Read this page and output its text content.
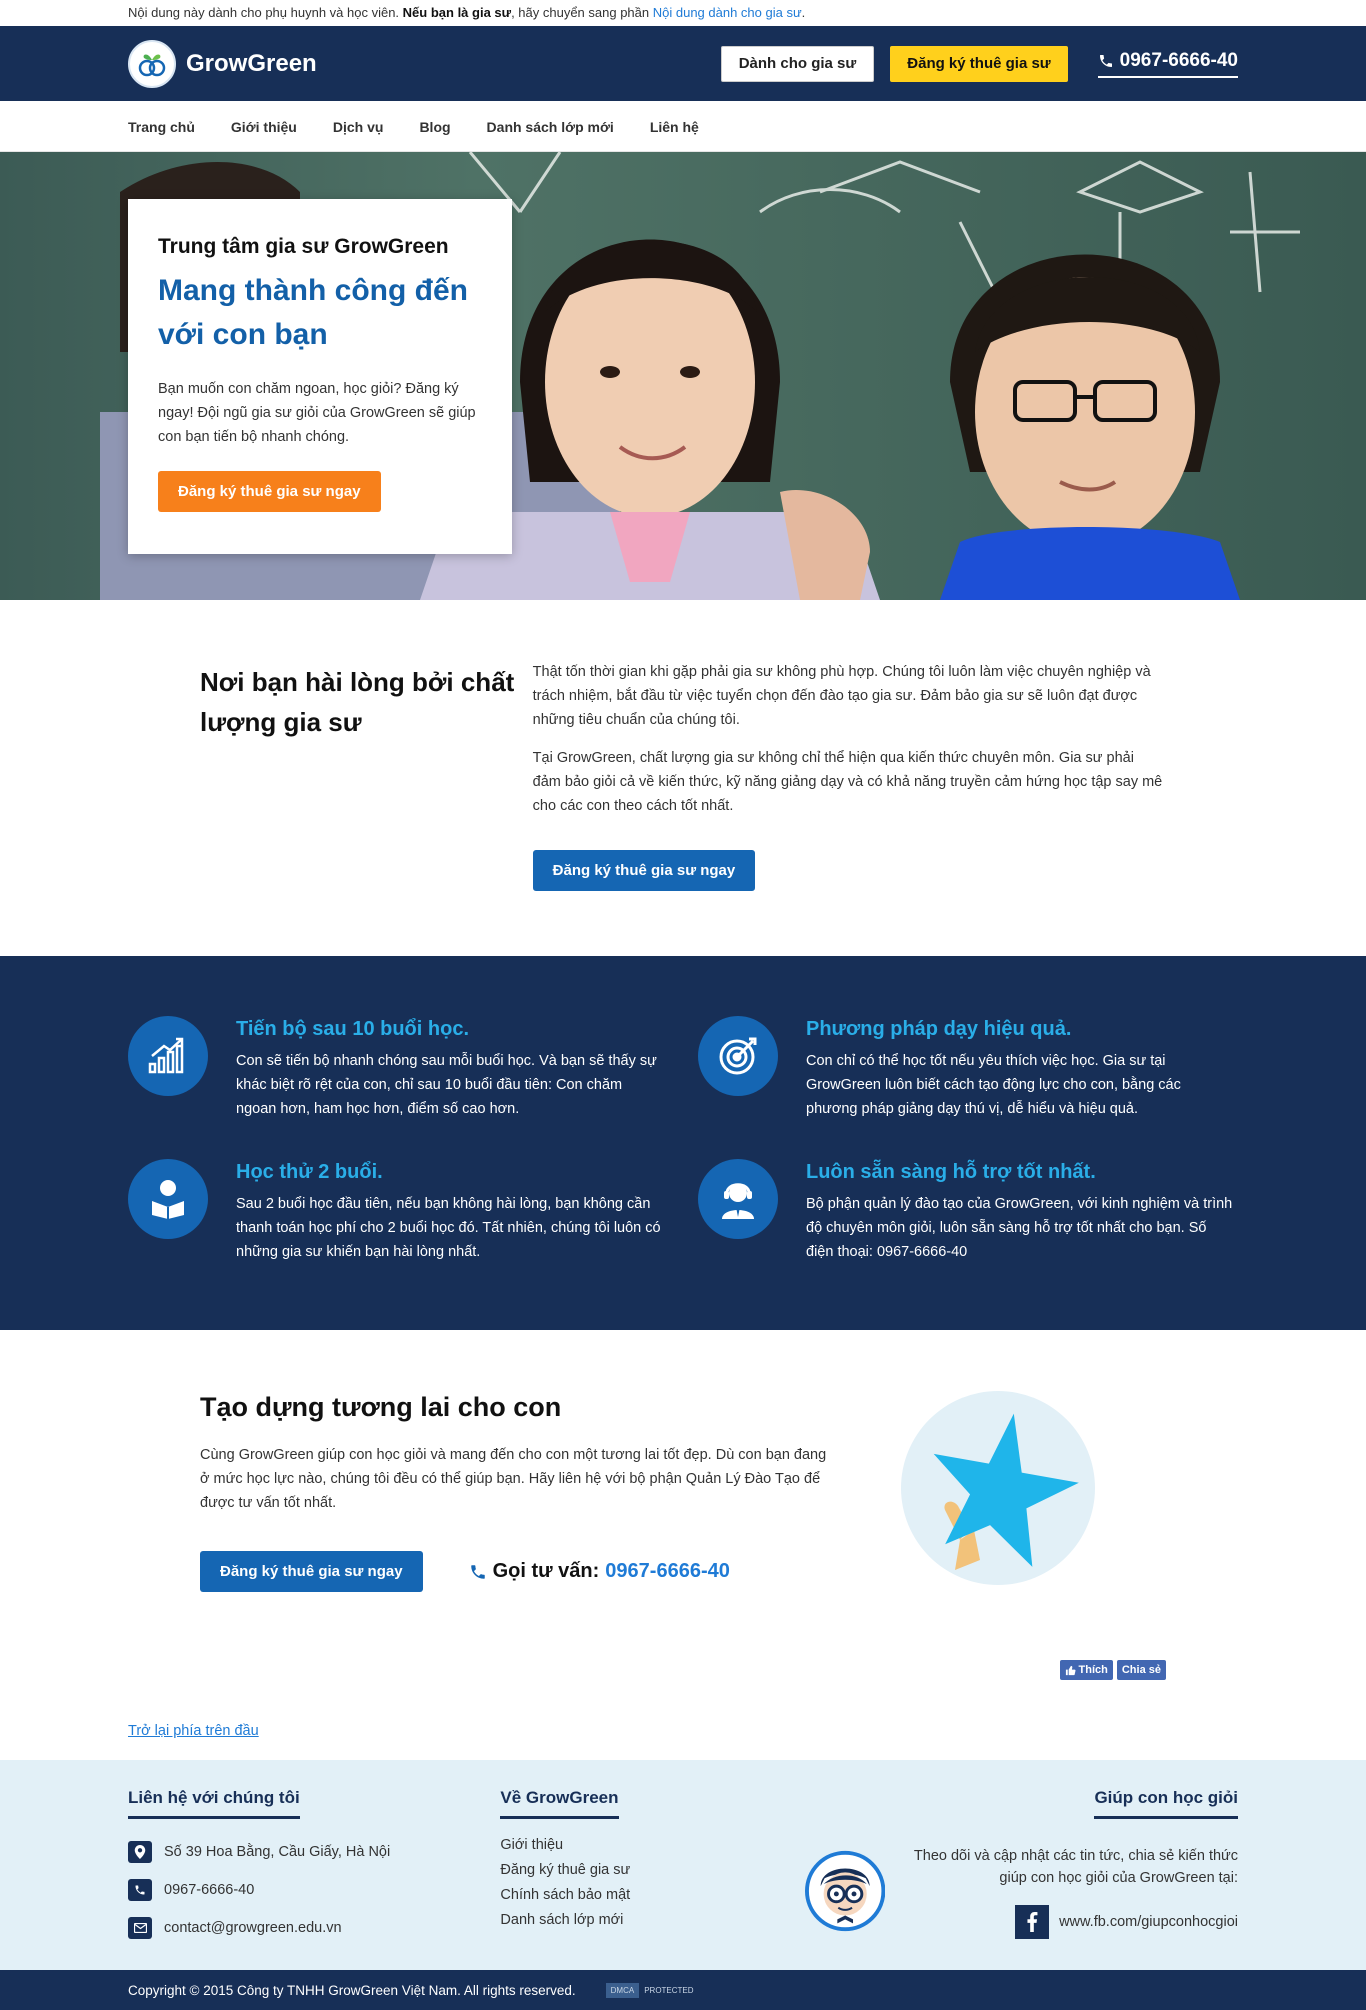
Nội dung này dành cho phụ huynh và học viên. Nếu bạn là gia sư, hãy chuyển sang phần Nội dung dành cho gia sư.
GrowGreen	Dành cho gia sư	Đăng ký thuê gia sư	0967-6666-40
Trang chủ	Giới thiệu	Dịch vụ	Blog	Danh sách lớp mới	Liên hệ
Trung tâm gia sư GrowGreen
Mang thành công đến với con bạn

Bạn muốn con chăm ngoan, học giỏi? Đăng ký ngay! Đội ngũ gia sư giỏi của GrowGreen sẽ giúp con bạn tiến bộ nhanh chóng.

Đăng ký thuê gia sư ngay
Nơi bạn hài lòng bởi chất lượng gia sư

Thật tốn thời gian khi gặp phải gia sư không phù hợp. Chúng tôi luôn làm việc chuyên nghiệp và trách nhiệm, bắt đầu từ việc tuyển chọn đến đào tạo gia sư. Đảm bảo gia sư sẽ luôn đạt được những tiêu chuẩn của chúng tôi.

Tại GrowGreen, chất lượng gia sư không chỉ thể hiện qua kiến thức chuyên môn. Gia sư phải đảm bảo giỏi cả về kiến thức, kỹ năng giảng dạy và có khả năng truyền cảm hứng học tập say mê cho các con theo cách tốt nhất.

Đăng ký thuê gia sư ngay
Tiến bộ sau 10 buổi học.

Con sẽ tiến bộ nhanh chóng sau mỗi buổi học. Và bạn sẽ thấy sự khác biệt rõ rệt của con, chỉ sau 10 buổi đầu tiên: Con chăm ngoan hơn, ham học hơn, điểm số cao hơn.

Phương pháp dạy hiệu quả.

Con chỉ có thể học tốt nếu yêu thích việc học. Gia sư tại GrowGreen luôn biết cách tạo động lực cho con, bằng các phương pháp giảng dạy thú vị, dễ hiểu và hiệu quả.

Học thử 2 buổi.

Sau 2 buổi học đầu tiên, nếu bạn không hài lòng, bạn không cần thanh toán học phí cho 2 buổi học đó. Tất nhiên, chúng tôi luôn có những gia sư khiến bạn hài lòng nhất.

Luôn sẵn sàng hỗ trợ tốt nhất.

Bộ phận quản lý đào tạo của GrowGreen, với kinh nghiệm và trình độ chuyên môn giỏi, luôn sẵn sàng hỗ trợ tốt nhất cho bạn. Số điện thoại: 0967-6666-40

Tạo dựng tương lai cho con

Cùng GrowGreen giúp con học giỏi và mang đến cho con một tương lai tốt đẹp. Dù con bạn đang ở mức học lực nào, chúng tôi đều có thể giúp bạn. Hãy liên hệ với bộ phận Quản Lý Đào Tạo để được tư vấn tốt nhất.

Đăng ký thuê gia sư ngay	Gọi tư vấn: 0967-6666-40
Thích	Chia sẻ
Trở lại phía trên đầu
Liên hệ với chúng tôi
Số 39 Hoa Bằng, Cầu Giấy, Hà Nội
0967-6666-40
contact@growgreen.edu.vn
Về GrowGreen
Giới thiệu
Đăng ký thuê gia sư
Chính sách bảo mật
Danh sách lớp mới
Giúp con học giỏi

Theo dõi và cập nhật các tin tức, chia sẻ kiến thức giúp con học giỏi của GrowGreen tại:

www.fb.com/giupconhocgioi
Copyright © 2015 Công ty TNHH GrowGreen Việt Nam. All rights reserved.	DMCA	PROTECTED
